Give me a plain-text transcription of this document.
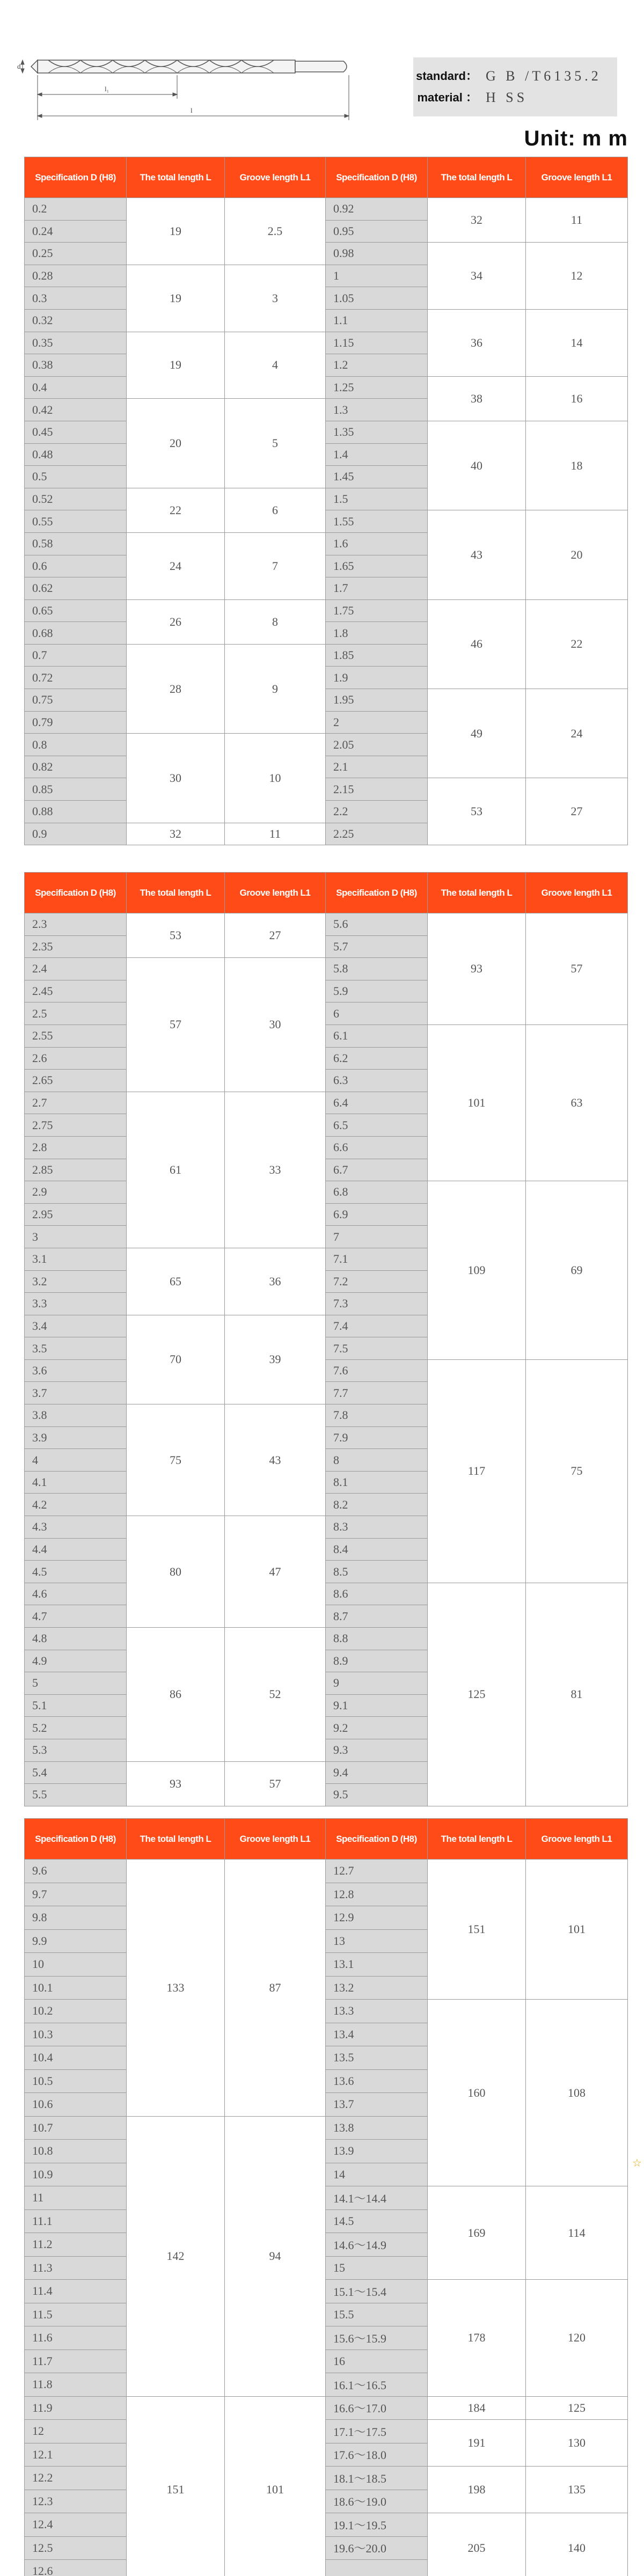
d
l₁
l
standard： G B /T6135.2
material ： H SS
Unit: m m
Specification D (H8)	The total length L	Groove length L1	Specification D (H8)	The total length L	Groove length L1
0.2	19	2.5	0.92	32	11
0.24			0.95		
0.25			0.98	34	12
0.28	19	3	1		
0.3			1.05		
0.32			1.1	36	14
0.35	19	4	1.15		
0.38			1.2		
0.4			1.25	38	16
0.42	20	5	1.3		
0.45			1.35	40	18
0.48			1.4		
0.5			1.45		
0.52	22	6	1.5		
0.55			1.55	43	20
0.58	24	7	1.6		
0.6			1.65		
0.62			1.7		
0.65	26	8	1.75	46	22
0.68			1.8		
0.7	28	9	1.85		
0.72			1.9		
0.75			1.95	49	24
0.79			2		
0.8	30	10	2.05		
0.82			2.1		
0.85			2.15	53	27
0.88			2.2		
0.9	32	11	2.25		
Specification D (H8)	The total length L	Groove length L1	Specification D (H8)	The total length L	Groove length L1
2.3	53	27	5.6	93	57
2.35			5.7		
2.4	57	30	5.8		
2.45			5.9		
2.5			6		
2.55			6.1	101	63
2.6			6.2		
2.65			6.3		
2.7	61	33	6.4		
2.75			6.5		
2.8			6.6		
2.85			6.7		
2.9			6.8	109	69
2.95			6.9		
3			7		
3.1	65	36	7.1		
3.2			7.2		
3.3			7.3		
3.4	70	39	7.4		
3.5			7.5		
3.6			7.6	117	75
3.7			7.7		
3.8	75	43	7.8		
3.9			7.9		
4			8		
4.1			8.1		
4.2			8.2		
4.3	80	47	8.3		
4.4			8.4		
4.5			8.5		
4.6			8.6	125	81
4.7			8.7		
4.8	86	52	8.8		
4.9			8.9		
5			9		
5.1			9.1		
5.2			9.2		
5.3			9.3		
5.4	93	57	9.4		
5.5			9.5		
Specification D (H8)	The total length L	Groove length L1	Specification D (H8)	The total length L	Groove length L1
9.6	133	87	12.7	151	101
9.7			12.8		
9.8			12.9		
9.9			13		
10			13.1		
10.1			13.2		
10.2			13.3	160	108
10.3			13.4		
10.4			13.5		
10.5			13.6		
10.6			13.7		
10.7	142	94	13.8		
10.8			13.9		
10.9			14		
11			14.1～14.4	169	114
11.1			14.5		
11.2			14.6～14.9		
11.3			15		
11.4			15.1～15.4	178	120
11.5			15.5		
11.6			15.6～15.9		
11.7			16		
11.8			16.1～16.5		
11.9	151	101	16.6～17.0	184	125
12			17.1～17.5	191	130
12.1			17.6～18.0		
12.2			18.1～18.5	198	135
12.3			18.6～19.0		
12.4			19.1～19.5	205	140
12.5			19.6～20.0		
12.6					
☆
